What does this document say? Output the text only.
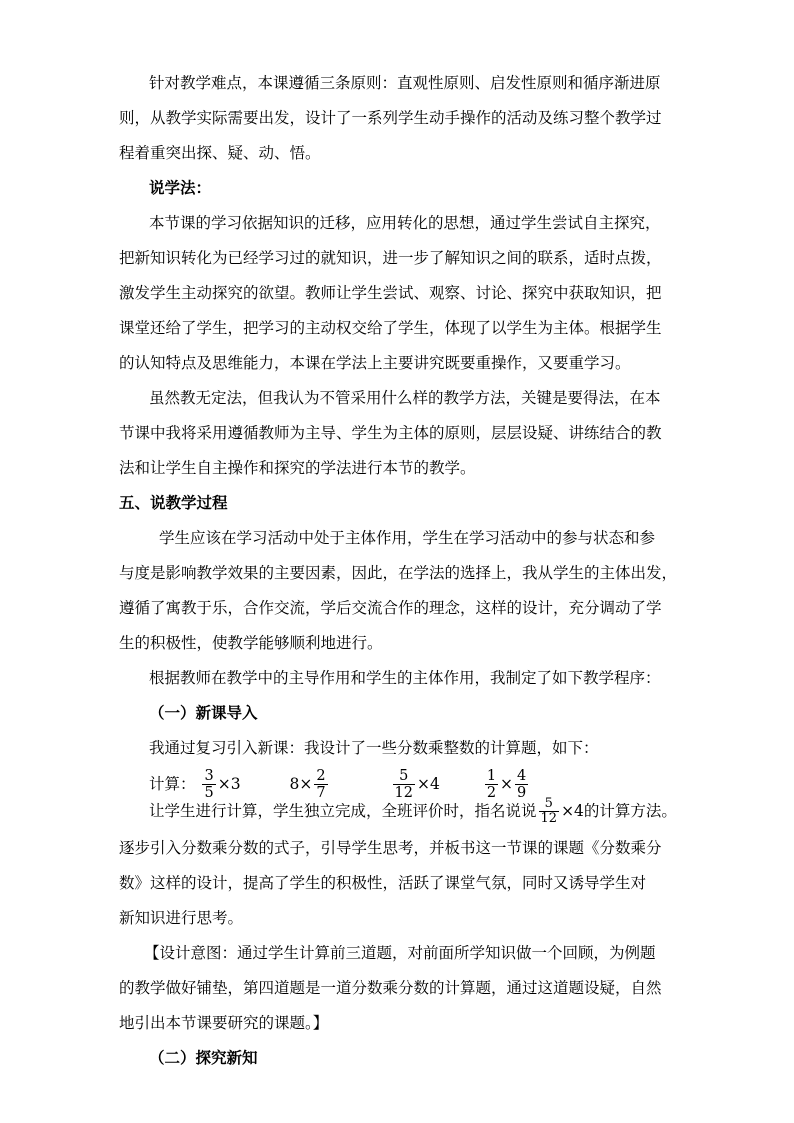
针对教学难点，本课遵循三条原则：直观性原则、启发性原则和循序渐进原
则，从教学实际需要出发，设计了一系列学生动手操作的活动及练习整个教学过
程着重突出探、疑、动、悟。
说学法：
本节课的学习依据知识的迁移，应用转化的思想，通过学生尝试自主探究，
把新知识转化为已经学习过的就知识，进一步了解知识之间的联系，适时点拨，
激发学生主动探究的欲望。教师让学生尝试、观察、讨论、探究中获取知识，把
课堂还给了学生，把学习的主动权交给了学生，体现了以学生为主体。根据学生
的认知特点及思维能力，本课在学法上主要讲究既要重操作，又要重学习。
虽然教无定法，但我认为不管采用什么样的教学方法，关键是要得法，在本
节课中我将采用遵循教师为主导、学生为主体的原则，层层设疑、讲练结合的教
法和让学生自主操作和探究的学法进行本节的教学。
五、说教学过程
学生应该在学习活动中处于主体作用，学生在学习活动中的参与状态和参
与度是影响教学效果的主要因素，因此，在学法的选择上，我从学生的主体出发，
遵循了寓教于乐，合作交流，学后交流合作的理念，这样的设计，充分调动了学
生的积极性，使教学能够顺利地进行。
根据教师在教学中的主导作用和学生的主体作用，我制定了如下教学程序：
（一）新课导入
我通过复习引入新课：我设计了一些分数乘整数的计算题，如下：
计算： $\frac{3}{5} \times 3$	$8\times \frac{2}{7}$
	$\frac{5}{12} \times 4$	$\frac{1}{2} \times \frac{4}{9}$
让学生进行计算，学生独立完成，全班评价时，指名说说 $\frac{5}{12} \times 4$的计算方法。
逐步引入分数乘分数的式子，引导学生思考，并板书这一节课的课题《分数乘分
数》这样的设计，提高了学生的积极性，活跃了课堂气氛，同时又诱导学生对
新知识进行思考。
【设计意图：通过学生计算前三道题，对前面所学知识做一个回顾，为例题
的教学做好铺垫，第四道题是一道分数乘分数的计算题，通过这道题设疑，自然
地引出本节课要研究的课题。】
（二）探究新知
